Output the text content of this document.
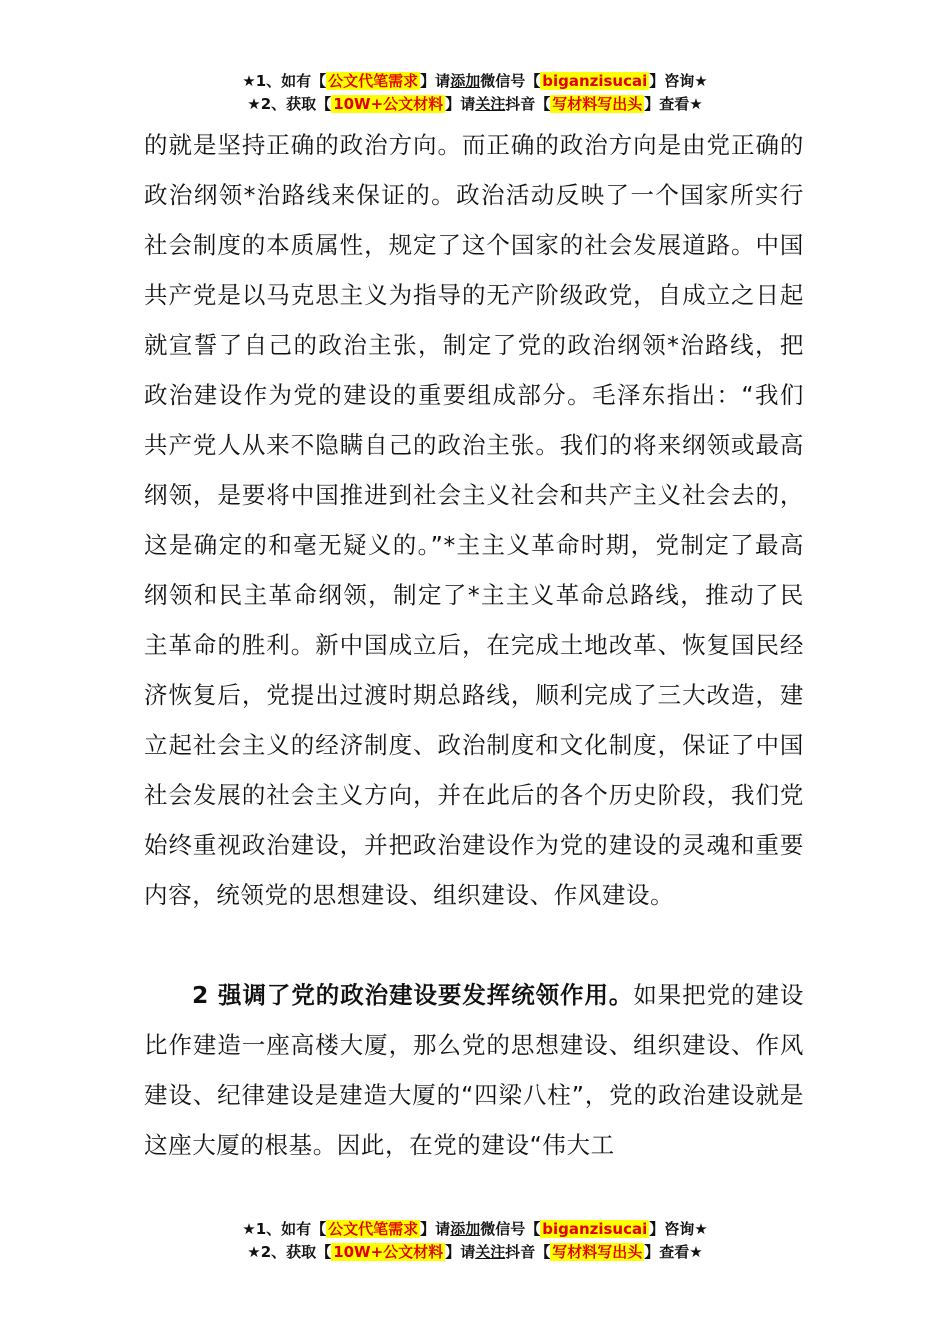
★1、如有【 公文代笔需求 】请添加微信号【 biganzisucai 】咨询★
★2、获取【 10W+公文材料 】请关注抖音【 写材料写出头 】查看★

的就是坚持正确的政治方向。而正确的政治方向是由党正确的政治纲领*治路线来保证的。政治活动反映了一个国家所实行社会制度的本质属性，规定了这个国家的社会发展道路。中国共产党是以马克思主义为指导的无产阶级政党，自成立之日起就宣誓了自己的政治主张，制定了党的政治纲领*治路线，把政治建设作为党的建设的重要组成部分。毛泽东指出：“我们共产党人从来不隐瞒自己的政治主张。我们的将来纲领或最高纲领，是要将中国推进到社会主义社会和共产主义社会去的，这是确定的和毫无疑义的。”*主主义革命时期，党制定了最高纲领和民主革命纲领，制定了*主主义革命总路线，推动了民主革命的胜利。新中国成立后，在完成土地改革、恢复国民经济恢复后，党提出过渡时期总路线，顺利完成了三大改造，建立起社会主义的经济制度、政治制度和文化制度，保证了中国社会发展的社会主义方向，并在此后的各个历史阶段，我们党始终重视政治建设，并把政治建设作为党的建设的灵魂和重要内容，统领党的思想建设、组织建设、作风建设。

2 强调了党的政治建设要发挥统领作用。如果把党的建设比作建造一座高楼大厦，那么党的思想建设、组织建设、作风建设、纪律建设是建造大厦的“四梁八柱”，党的政治建设就是这座大厦的根基。因此，在党的建设“伟大工

★1、如有【 公文代笔需求 】请添加微信号【 biganzisucai 】咨询★
★2、获取【 10W+公文材料 】请关注抖音【 写材料写出头 】查看★
